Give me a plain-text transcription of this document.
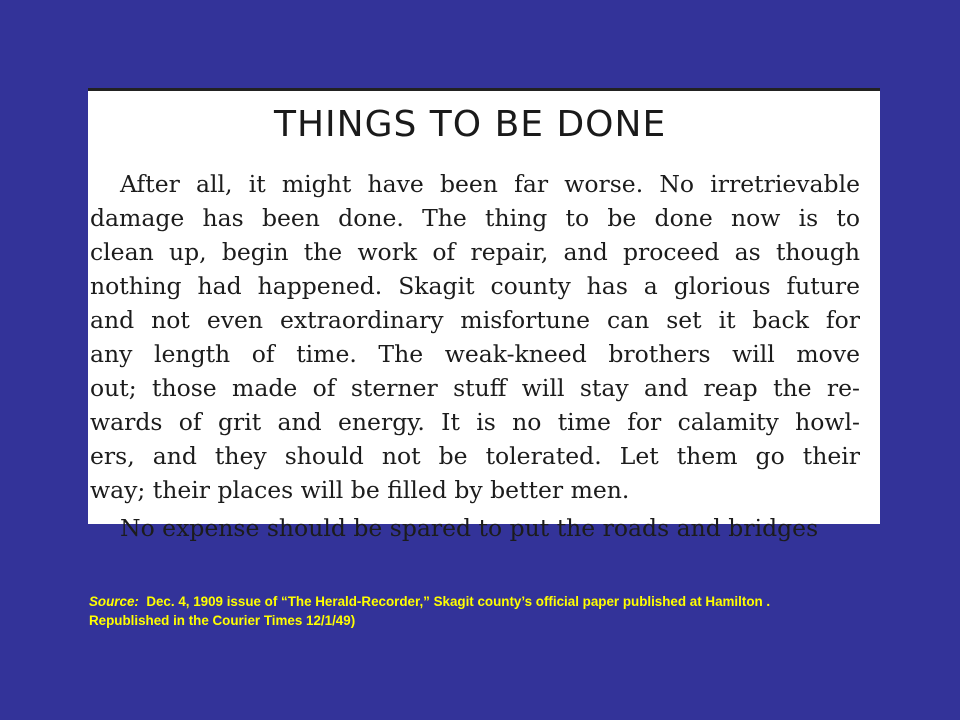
THINGS TO BE DONE
After all, it might have been far worse. No irretrievable
damage has been done. The thing to be done now is to
clean up, begin the work of repair, and proceed as though
nothing had happened. Skagit county has a glorious future
and not even extraordinary misfortune can set it back for
any length of time. The weak-kneed brothers will move
out; those made of sterner stuff will stay and reap the re-
wards of grit and energy. It is no time for calamity howl-
ers, and they should not be tolerated. Let them go their
way; their places will be filled by better men.
No expense should be spared to put the roads and bridges

Source: Dec. 4, 1909 issue of “The Herald-Recorder,” Skagit county’s official paper published at Hamilton . Republished in the Courier Times 12/1/49)
